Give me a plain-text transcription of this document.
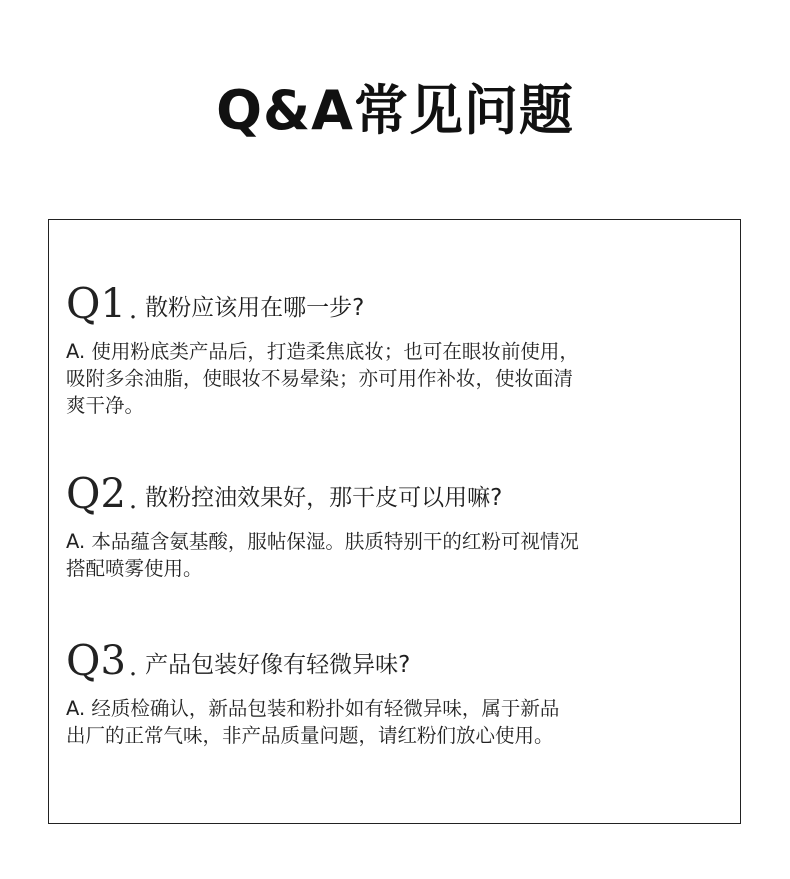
Q&A常见问题
Q 1 . 散粉应该用在哪一步?
A. 使用粉底类产品后，打造柔焦底妆；也可在眼妆前使用，
吸附多余油脂，使眼妆不易晕染；亦可用作补妆，使妆面清
爽干净。
Q 2 . 散粉控油效果好，那干皮可以用嘛?
A. 本品蕴含氨基酸，服帖保湿。肤质特别干的红粉可视情况
搭配喷雾使用。
Q 3 . 产品包装好像有轻微异味?
A. 经质检确认，新品包装和粉扑如有轻微异味，属于新品
出厂的正常气味，非产品质量问题，请红粉们放心使用。
